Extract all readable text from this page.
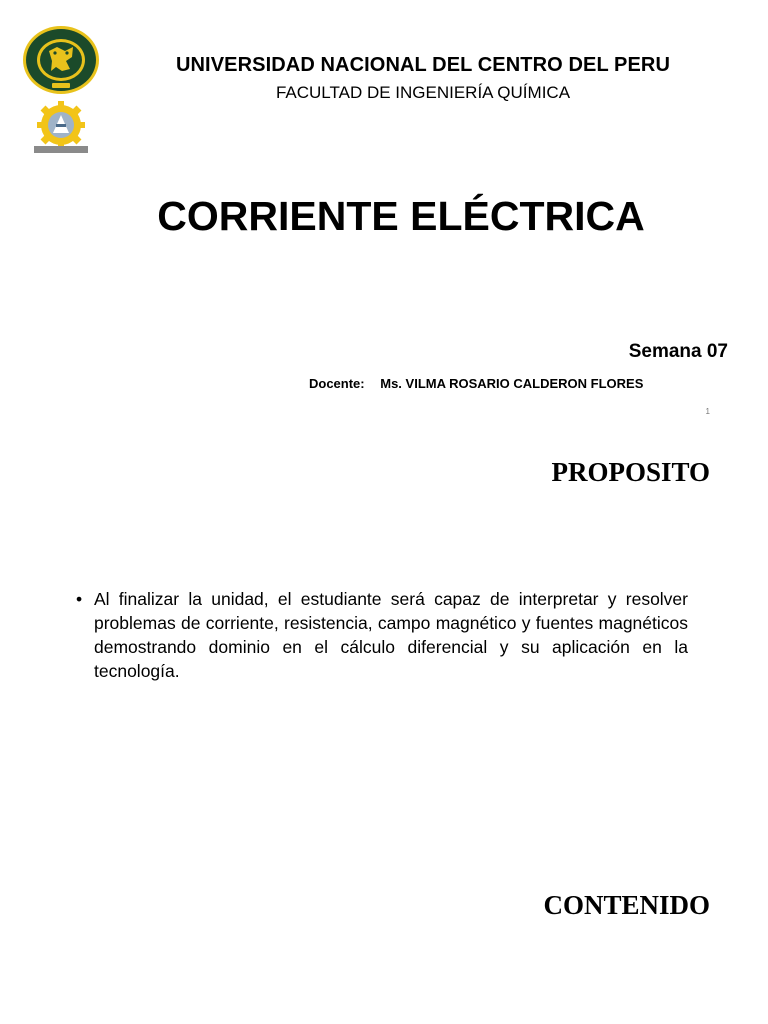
UNIVERSIDAD NACIONAL DEL CENTRO DEL PERU
FACULTAD DE INGENIERÍA QUÍMICA
CORRIENTE ELÉCTRICA
Semana 07
Docente: Ms. VILMA ROSARIO CALDERON FLORES
1
PROPOSITO
• Al finalizar la unidad, el estudiante será capaz de interpretar y resolver problemas de corriente, resistencia, campo magnético y fuentes magnéticos demostrando dominio en el cálculo diferencial y su aplicación en la tecnología.
CONTENIDO
